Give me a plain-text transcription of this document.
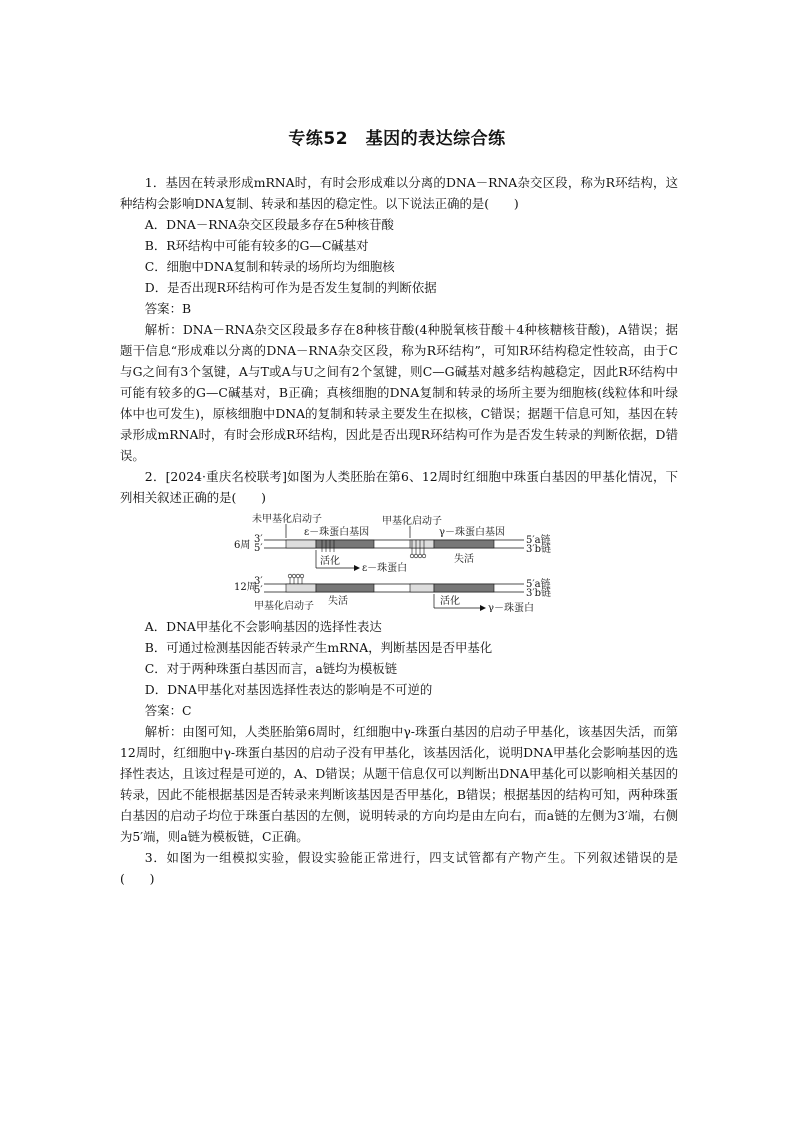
专练52　基因的表达综合练

1．基因在转录形成mRNA时，有时会形成难以分离的DNA－RNA杂交区段，称为R环结构，这种结构会影响DNA复制、转录和基因的稳定性。以下说法正确的是(　　)

A．DNA－RNA杂交区段最多存在5种核苷酸

B．R环结构中可能有较多的G—C碱基对

C．细胞中DNA复制和转录的场所均为细胞核

D．是否出现R环结构可作为是否发生复制的判断依据

答案：B

解析：DNA－RNA杂交区段最多存在8种核苷酸(4种脱氧核苷酸＋4种核糖核苷酸)，A错误；据题干信息“形成难以分离的DNA－RNA杂交区段，称为R环结构”，可知R环结构稳定性较高，由于C与G之间有3个氢键，A与T或A与U之间有2个氢键，则C—G碱基对越多结构越稳定，因此R环结构中可能有较多的G—C碱基对，B正确；真核细胞的DNA复制和转录的场所主要为细胞核(线粒体和叶绿体中也可发生)，原核细胞中DNA的复制和转录主要发生在拟核，C错误；据题干信息可知，基因在转录形成mRNA时，有时会形成R环结构，因此是否出现R环结构可作为是否发生转录的判断依据，D错误。

2．[2024·重庆名校联考]如图为人类胚胎在第6、12周时红细胞中珠蛋白基因的甲基化情况，下列相关叙述正确的是(　　)

未甲基化启动子	甲基化启动子
ε－珠蛋白基因	γ－珠蛋白基因
6周
3′
5′
5′a链
3′b链
活化
ε－珠蛋白
失活
12周
3′
5′
5′a链
3′b链
甲基化启动子 失活	活化
γ－珠蛋白

A．DNA甲基化不会影响基因的选择性表达

B．可通过检测基因能否转录产生mRNA，判断基因是否甲基化

C．对于两种珠蛋白基因而言，a链均为模板链

D．DNA甲基化对基因选择性表达的影响是不可逆的

答案：C

解析：由图可知，人类胚胎第6周时，红细胞中γ-珠蛋白基因的启动子甲基化，该基因失活，而第12周时，红细胞中γ-珠蛋白基因的启动子没有甲基化，该基因活化，说明DNA甲基化会影响基因的选择性表达，且该过程是可逆的，A、D错误；从题干信息仅可以判断出DNA甲基化可以影响相关基因的转录，因此不能根据基因是否转录来判断该基因是否甲基化，B错误；根据基因的结构可知，两种珠蛋白基因的启动子均位于珠蛋白基因的左侧，说明转录的方向均是由左向右，而a链的左侧为3′端，右侧为5′端，则a链为模板链，C正确。

3．如图为一组模拟实验，假设实验能正常进行，四支试管都有产物产生。下列叙述错误的是(　　)
